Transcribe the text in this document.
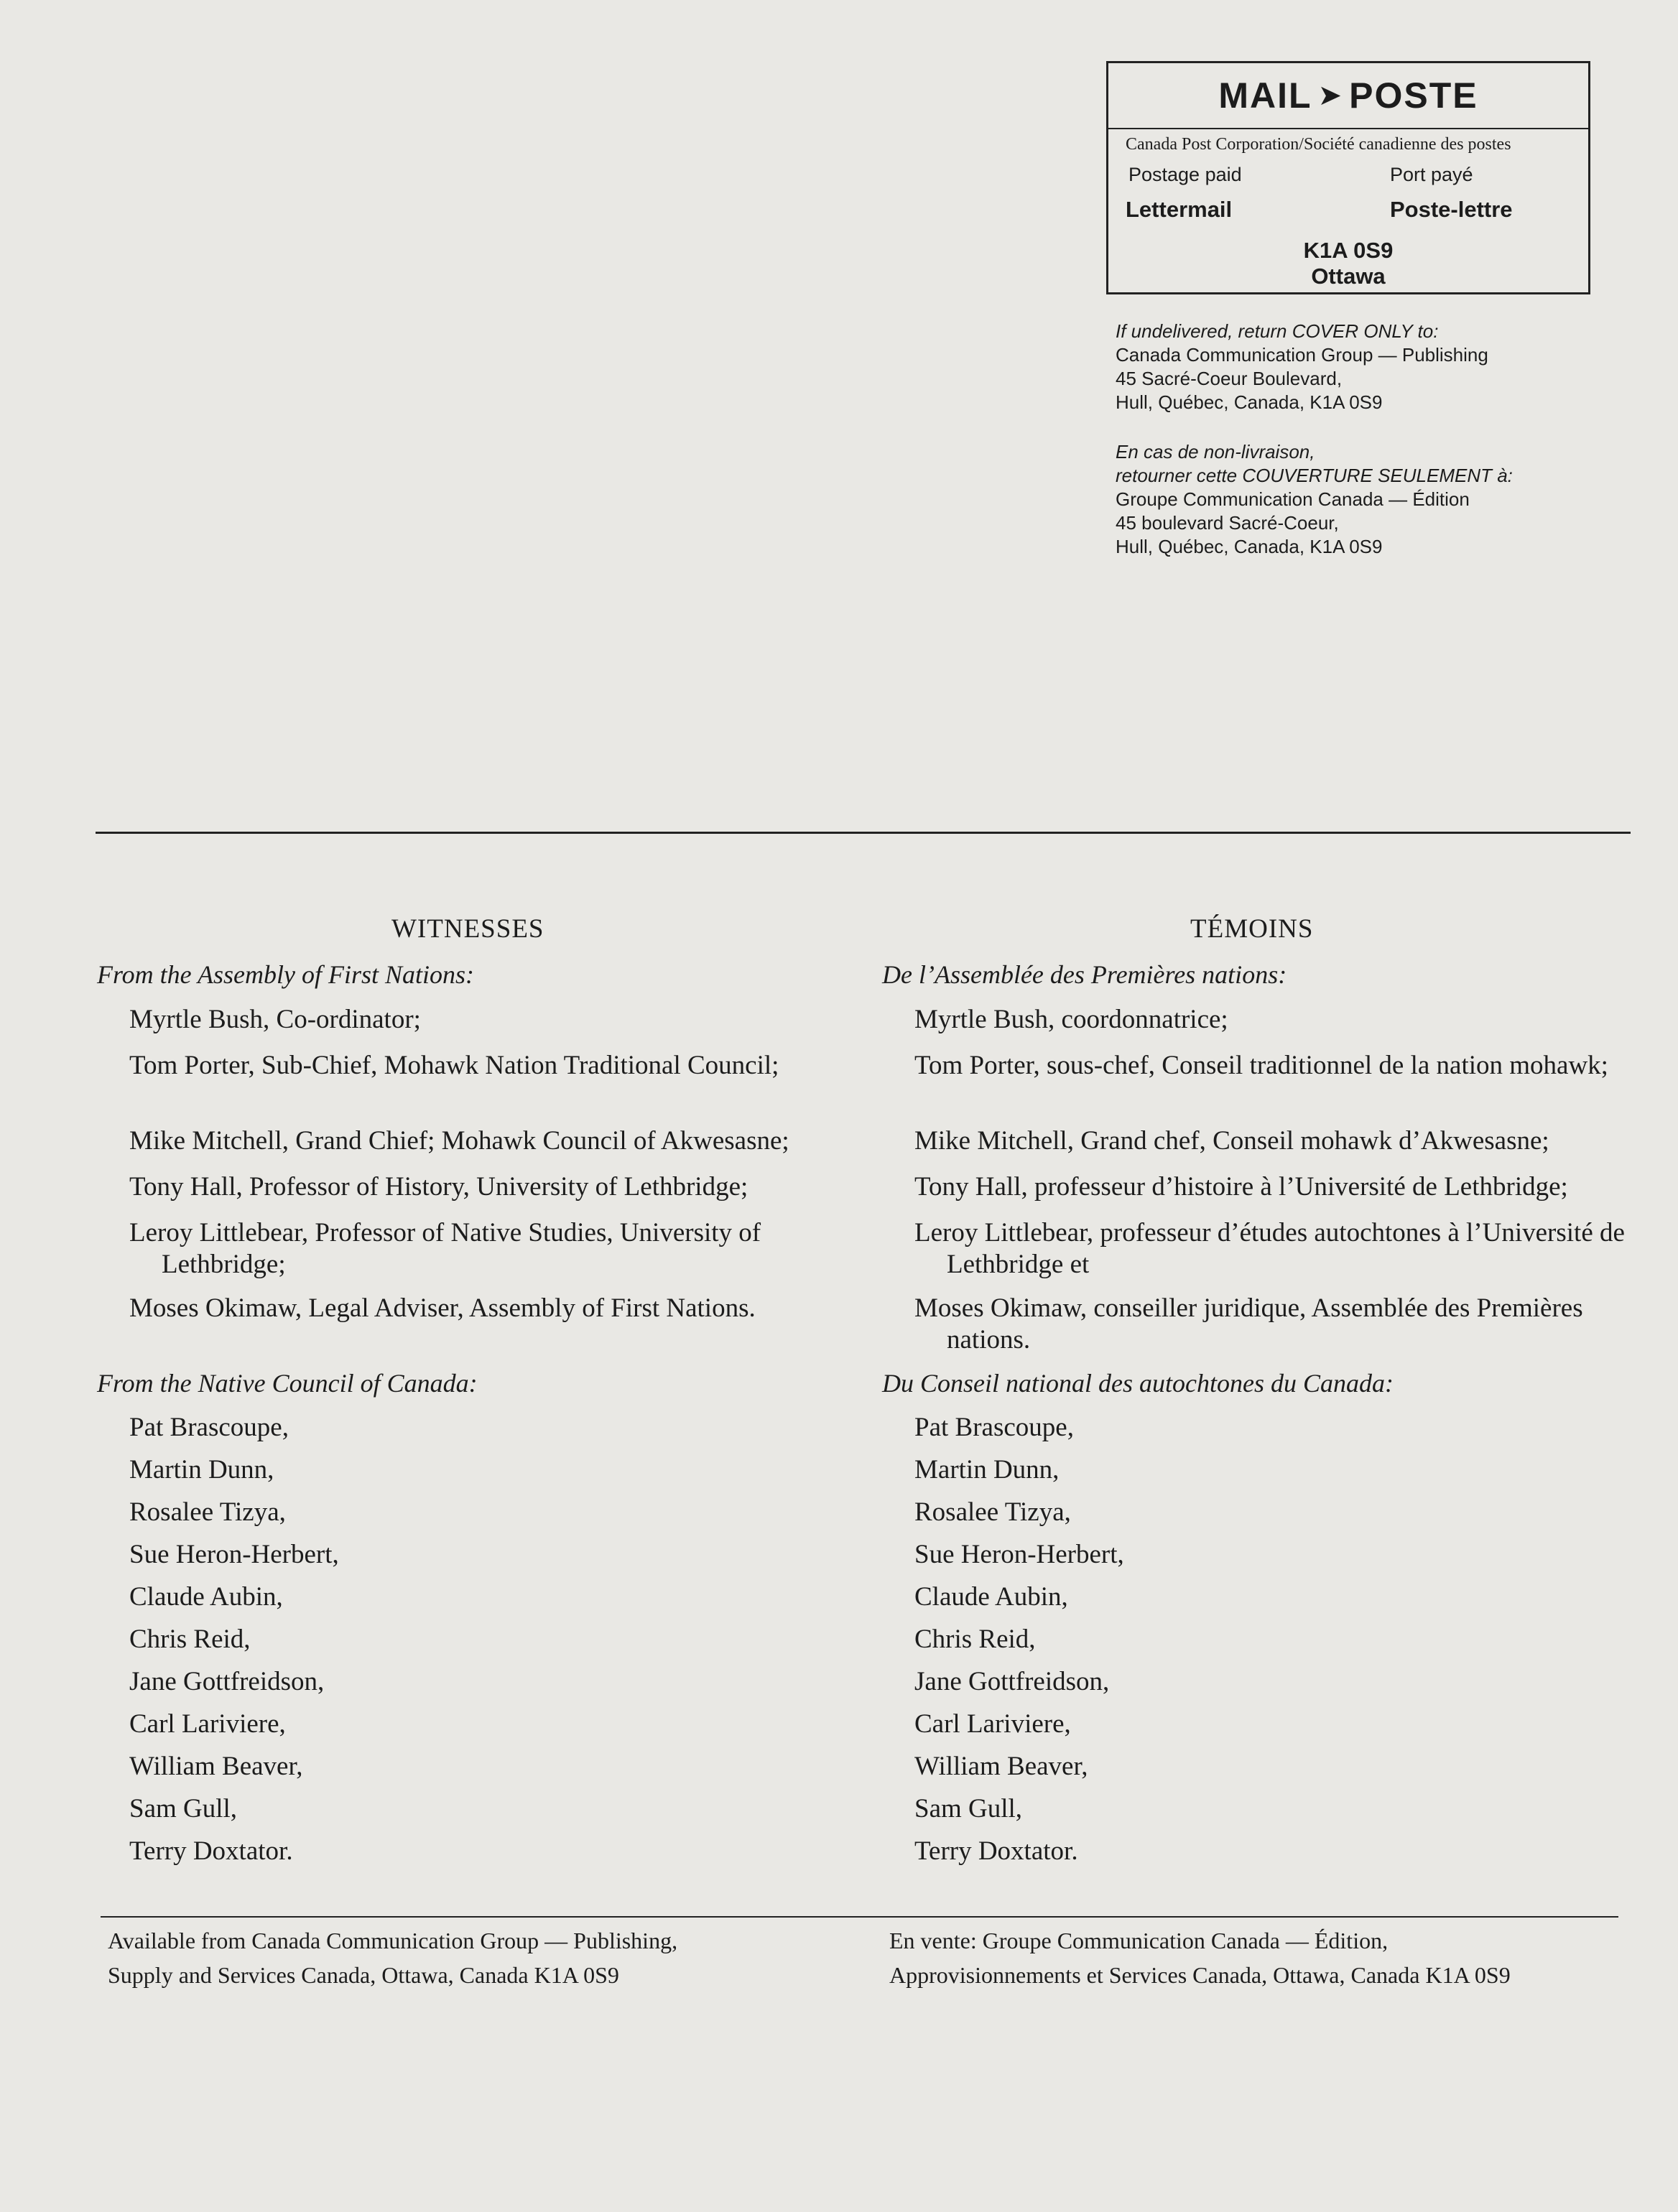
MAIL ➤ POSTE
Canada Post Corporation/Société canadienne des postes
Postage paid	Port payé
Lettermail	Poste-lettre
K1A 0S9
Ottawa
If undelivered, return COVER ONLY to:
Canada Communication Group — Publishing
45 Sacré-Coeur Boulevard,
Hull, Québec, Canada, K1A 0S9
En cas de non-livraison,
retourner cette COUVERTURE SEULEMENT à:
Groupe Communication Canada — Édition
45 boulevard Sacré-Coeur,
Hull, Québec, Canada, K1A 0S9
WITNESSES
From the Assembly of First Nations:
Myrtle Bush, Co-ordinator;
Tom Porter, Sub-Chief, Mohawk Nation Traditional Council;
Mike Mitchell, Grand Chief; Mohawk Council of Akwesasne;
Tony Hall, Professor of History, University of Lethbridge;
Leroy Littlebear, Professor of Native Studies, University of Lethbridge;
Moses Okimaw, Legal Adviser, Assembly of First Nations.
From the Native Council of Canada:
Pat Brascoupe,
Martin Dunn,
Rosalee Tizya,
Sue Heron-Herbert,
Claude Aubin,
Chris Reid,
Jane Gottfreidson,
Carl Lariviere,
William Beaver,
Sam Gull,
Terry Doxtator.
TÉMOINS
De l’Assemblée des Premières nations:
Myrtle Bush, coordonnatrice;
Tom Porter, sous-chef, Conseil traditionnel de la nation mohawk;
Mike Mitchell, Grand chef, Conseil mohawk d’Akwesasne;
Tony Hall, professeur d’histoire à l’Université de Lethbridge;
Leroy Littlebear, professeur d’études autochtones à l’Université de Lethbridge et
Moses Okimaw, conseiller juridique, Assemblée des Premières nations.
Du Conseil national des autochtones du Canada:
Pat Brascoupe,
Martin Dunn,
Rosalee Tizya,
Sue Heron-Herbert,
Claude Aubin,
Chris Reid,
Jane Gottfreidson,
Carl Lariviere,
William Beaver,
Sam Gull,
Terry Doxtator.
Available from Canada Communication Group — Publishing,
Supply and Services Canada, Ottawa, Canada K1A 0S9
En vente: Groupe Communication Canada — Édition,
Approvisionnements et Services Canada, Ottawa, Canada K1A 0S9
